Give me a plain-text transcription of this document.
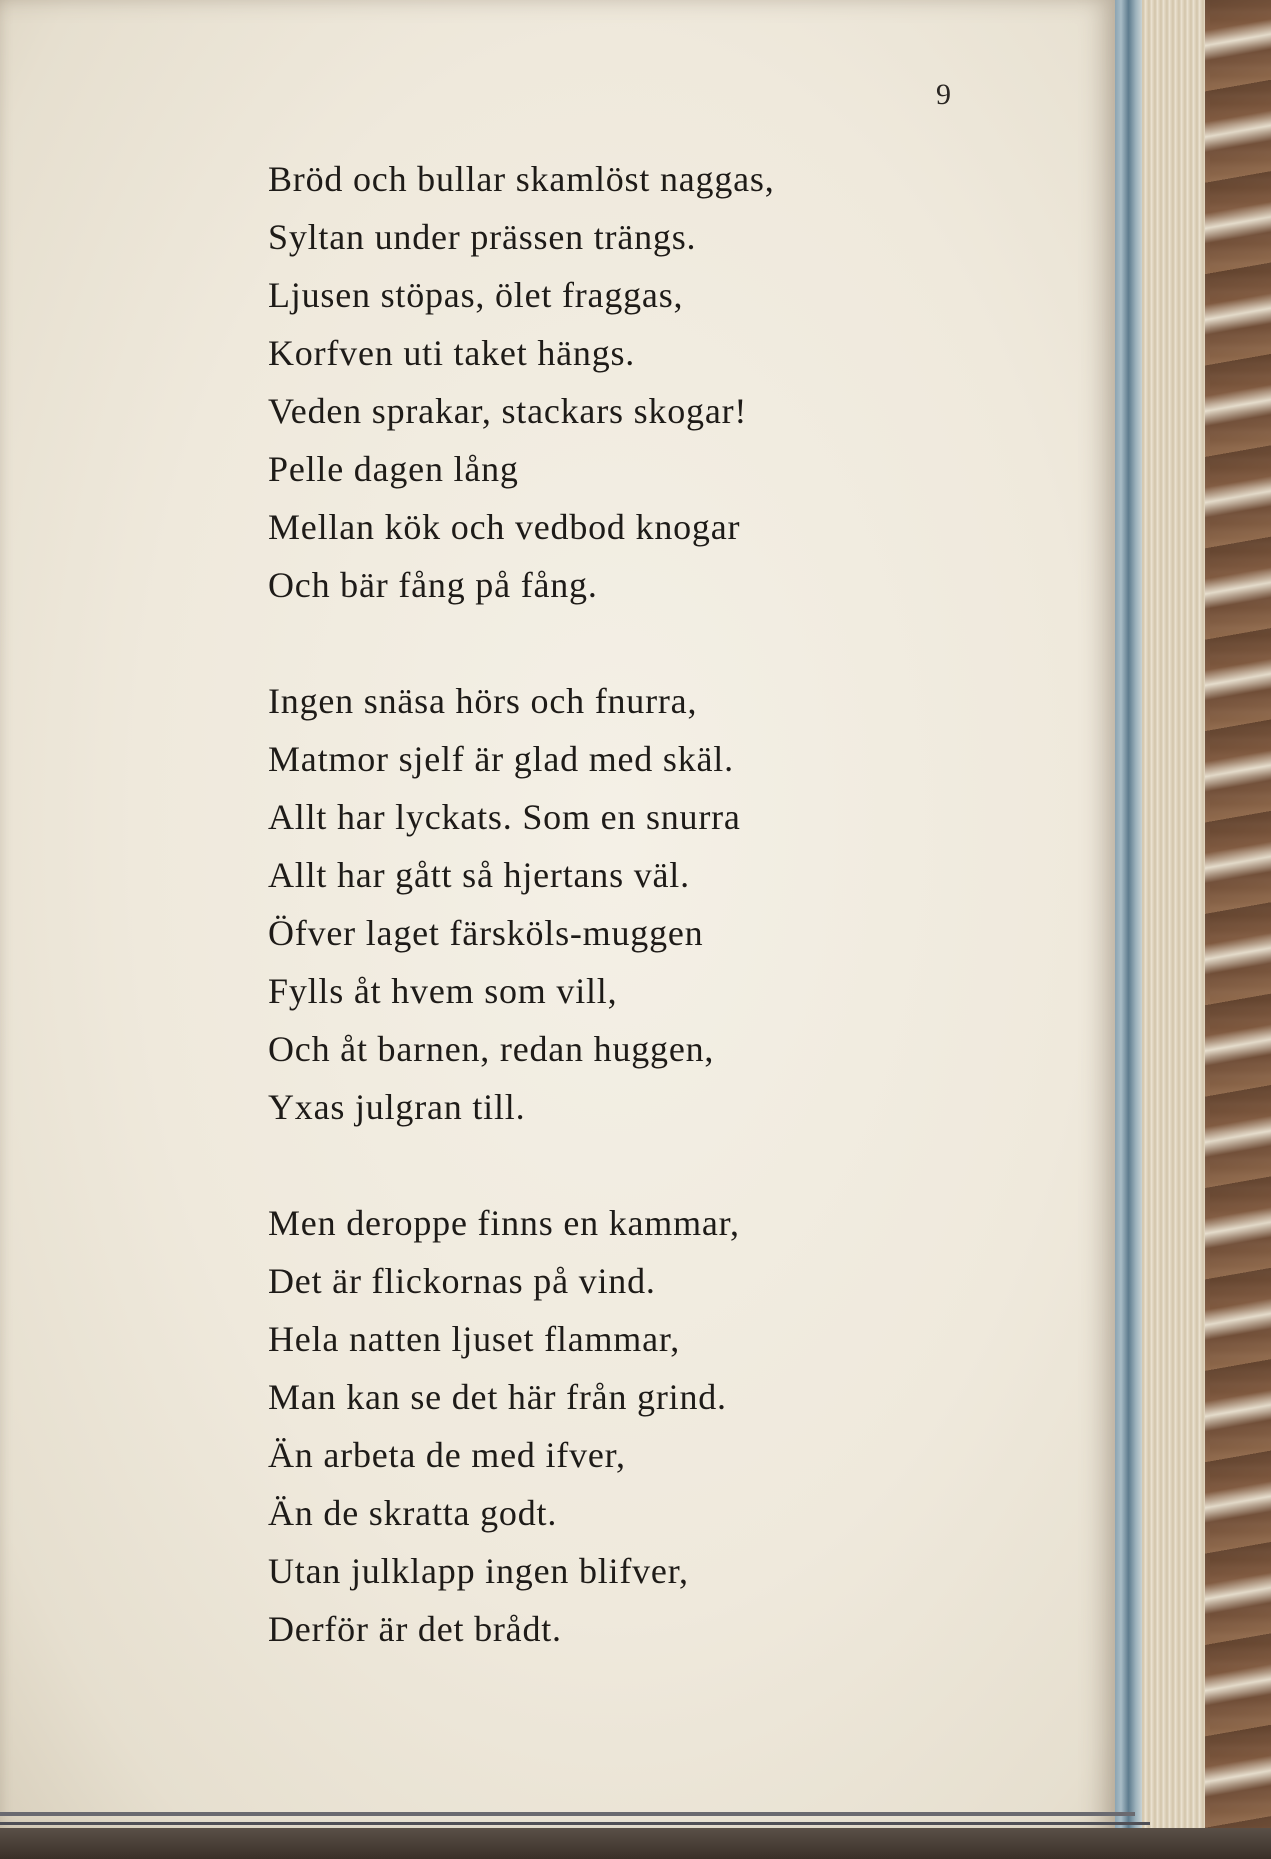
9
Bröd och bullar skamlöst naggas,
Syltan under prässen trängs.
Ljusen stöpas, ölet fraggas,
Korfven uti taket hängs.
Veden sprakar, stackars skogar!
Pelle dagen lång
Mellan kök och vedbod knogar
Och bär fång på fång.
Ingen snäsa hörs och fnurra,
Matmor sjelf är glad med skäl.
Allt har lyckats. Som en snurra
Allt har gått så hjertans väl.
Öfver laget färsköls-muggen
Fylls åt hvem som vill,
Och åt barnen, redan huggen,
Yxas julgran till.
Men deroppe finns en kammar,
Det är flickornas på vind.
Hela natten ljuset flammar,
Man kan se det här från grind.
Än arbeta de med ifver,
Än de skratta godt.
Utan julklapp ingen blifver,
Derför är det brådt.
